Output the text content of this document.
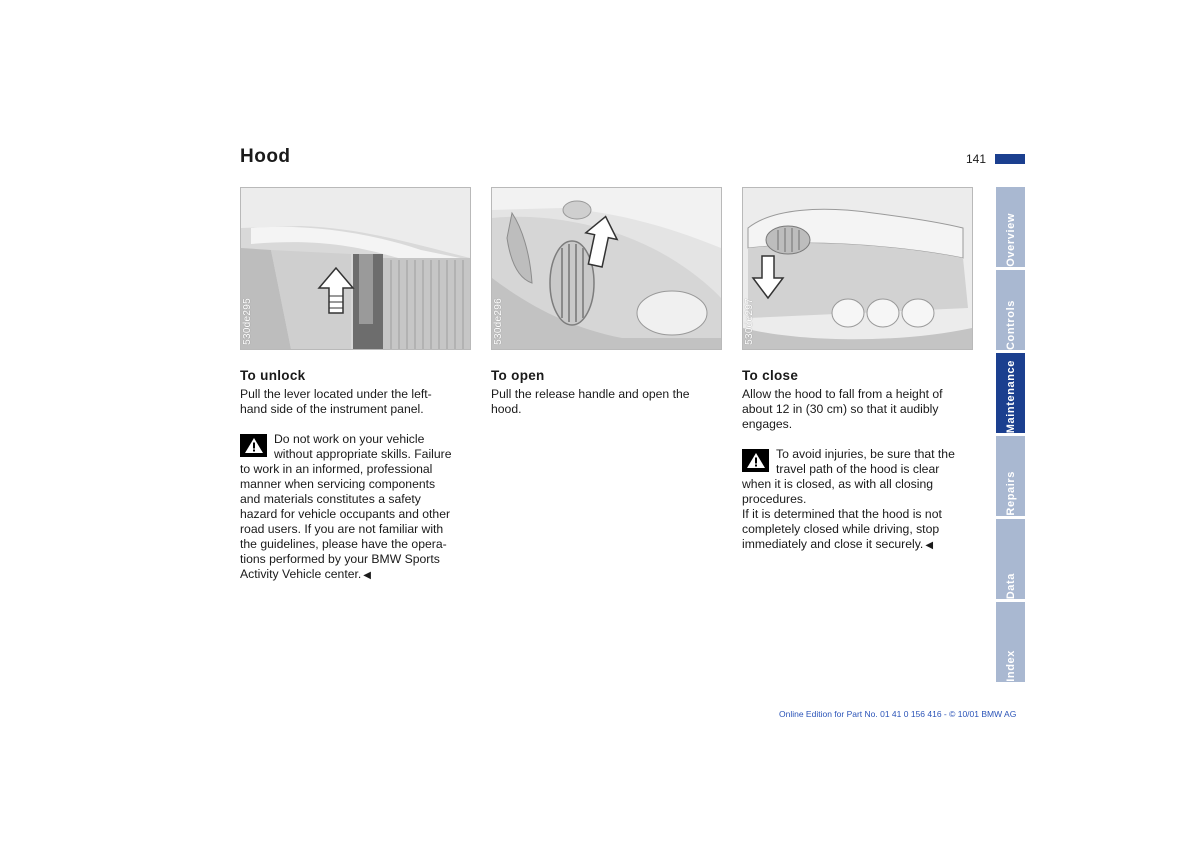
Hood	141
530de295	530de296	530de297
To unlock

Pull the lever located under the left-
hand side of the instrument panel.

Do not work on your vehicle
without appropriate skills. Failure
to work in an informed, professional
manner when servicing components
and materials constitutes a safety
hazard for vehicle occupants and other
road users. If you are not familiar with
the guidelines, please have the opera-
tions performed by your BMW Sports
Activity Vehicle center. ◀
To open

Pull the release handle and open the
hood.

To close

Allow the hood to fall from a height of
about 12 in (30 cm) so that it audibly
engages.

To avoid injuries, be sure that the
travel path of the hood is clear
when it is closed, as with all closing
procedures.
If it is determined that the hood is not
completely closed while driving, stop
immediately and close it securely. ◀
Overview
Controls
Maintenance
Repairs
Data
Index
Online Edition for Part No. 01 41 0 156 416 - © 10/01 BMW AG
